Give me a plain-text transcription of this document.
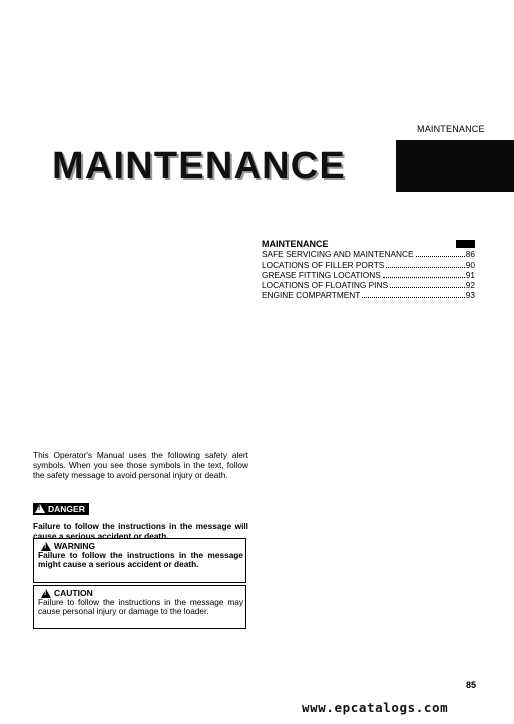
MAINTENANCE
MAINTENANCE
MAINTENANCE
SAFE SERVICING AND MAINTENANCE	86
LOCATIONS OF FILLER PORTS	90
GREASE FITTING LOCATIONS	91
LOCATIONS OF FLOATING PINS	92
ENGINE COMPARTMENT	93
This Operator's Manual uses the following safety alert symbols. When you see those symbols in the text, follow the safety message to avoid personal injury or death.
! DANGER
Failure to follow the instructions in the message will cause a serious accident or death.
! WARNING
Failure to follow the instructions in the message might cause a serious accident or death.
! CAUTION
Failure to follow the instructions in the message may cause personal injury or damage to the loader.
85
www.epcatalogs.com
